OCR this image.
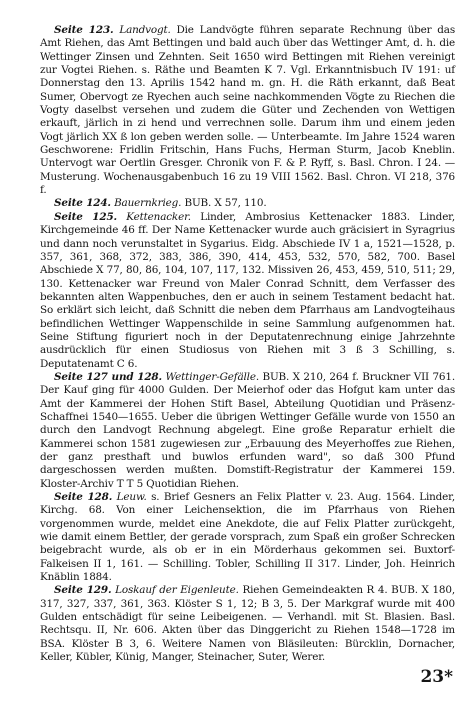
Seite 123. Landvogt. Die Landvögte führen separate Rechnung über das Amt Riehen, das Amt Bettingen und bald auch über das Wettinger Amt, d. h. die Wettinger Zinsen und Zehnten. Seit 1650 wird Bettingen mit Riehen vereinigt zur Vogtei Riehen. s. Räthe und Beamten K 7. Vgl. Erkanntnisbuch IV 191: uf Donnerstag den 13. Aprilis 1542 hand m. gn. H. die Räth erkannt, daß Beat Sumer, Obervogt ze Ryechen auch seine nachkommenden Vögte zu Riechen die Vogty daselbst versehen und zudem die Güter und Zechenden von Wettigen erkauft, järlich in zi hend und verrechnen solle. Darum ihm und einem jeden Vogt järlich XX ß lon geben werden solle. — Unterbeamte. Im Jahre 1524 waren Geschworene: Fridlin Fritschin, Hans Fuchs, Herman Sturm, Jacob Kneblin. Untervogt war Oertlin Gresger. Chronik von F. & P. Ryff, s. Basl. Chron. I 24. — Musterung. Wochenausgabenbuch 16 zu 19 VIII 1562. Basl. Chron. VI 218, 376 f.

Seite 124. Bauernkrieg. BUB. X 57, 110.

Seite 125. Kettenacker. Linder, Ambrosius Kettenacker 1883. Linder, Kirchgemeinde 46 ff. Der Name Kettenacker wurde auch gräcisiert in Syragrius und dann noch verunstaltet in Sygarius. Eidg. Abschiede IV 1 a, 1521—1528, p. 357, 361, 368, 372, 383, 386, 390, 414, 453, 532, 570, 582, 700. Basel Abschiede X 77, 80, 86, 104, 107, 117, 132. Missiven 26, 453, 459, 510, 511; 29, 130. Kettenacker war Freund von Maler Conrad Schnitt, dem Verfasser des bekannten alten Wappenbuches, den er auch in seinem Testament bedacht hat. So erklärt sich leicht, daß Schnitt die neben dem Pfarrhaus am Landvogteihaus befindlichen Wettinger Wappenschilde in seine Sammlung aufgenommen hat. Seine Stiftung figuriert noch in der Deputatenrechnung einige Jahrzehnte ausdrücklich für einen Studiosus von Riehen mit 3 ß 3 Schilling, s. Deputatenamt C 6.

Seite 127 und 128. Wettinger-Gefälle. BUB. X 210, 264 f. Bruckner VII 761. Der Kauf ging für 4000 Gulden. Der Meierhof oder das Hofgut kam unter das Amt der Kammerei der Hohen Stift Basel, Abteilung Quotidian und Präsenz-Schaffnei 1540—1655. Ueber die übrigen Wettinger Gefälle wurde von 1550 an durch den Landvogt Rechnung abgelegt. Eine große Reparatur erhielt die Kammerei schon 1581 zugewiesen zur „Erbauung des Meyerhoffes zue Riehen, der ganz presthaft und buwlos erfunden ward", so daß 300 Pfund dargeschossen werden mußten. Domstift-Registratur der Kammerei 159. Kloster-Archiv T T 5 Quotidian Riehen.

Seite 128. Leuw. s. Brief Gesners an Felix Platter v. 23. Aug. 1564. Linder, Kirchg. 68. Von einer Leichensektion, die im Pfarrhaus von Riehen vorgenommen wurde, meldet eine Anekdote, die auf Felix Platter zurückgeht, wie damit einem Bettler, der gerade vorsprach, zum Spaß ein großer Schrecken beigebracht wurde, als ob er in ein Mörderhaus gekommen sei. Buxtorf-Falkeisen II 1, 161. — Schilling. Tobler, Schilling II 317. Linder, Joh. Heinrich Knäblin 1884.

Seite 129. Loskauf der Eigenleute. Riehen Gemeindeakten R 4. BUB. X 180, 317, 327, 337, 361, 363. Klöster S 1, 12; B 3, 5. Der Markgraf wurde mit 400 Gulden entschädigt für seine Leibeigenen. — Verhandl. mit St. Blasien. Basl. Rechtsqu. II, Nr. 606. Akten über das Dinggericht zu Riehen 1548—1728 im BSA. Klöster B 3, 6. Weitere Namen von Bläsileuten: Bürcklin, Dornacher, Keller, Kübler, Künig, Manger, Steinacher, Suter, Werer.

23*
